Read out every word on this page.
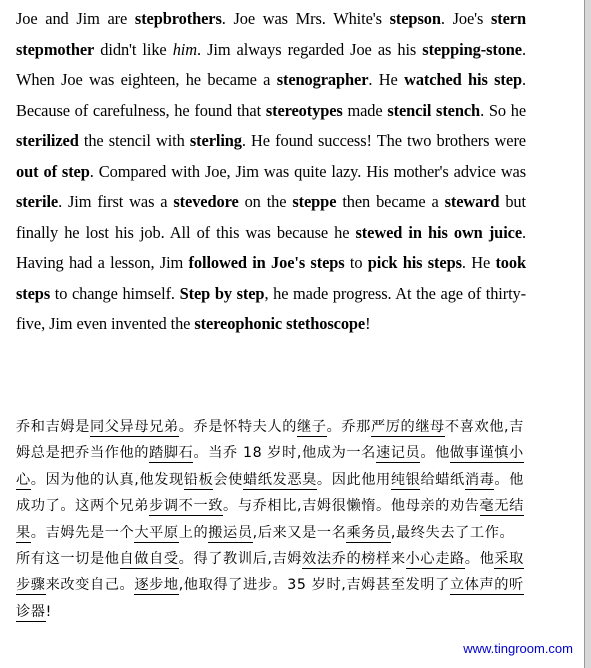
Joe and Jim are stepbrothers. Joe was Mrs. White's stepson. Joe's stern stepmother didn't like him. Jim always regarded Joe as his stepping-stone. When Joe was eighteen, he became a stenographer. He watched his step. Because of carefulness, he found that stereotypes made stencil stench. So he sterilized the stencil with sterling. He found success! The two brothers were out of step. Compared with Joe, Jim was quite lazy. His mother's advice was sterile. Jim first was a stevedore on the steppe then became a steward but finally he lost his job. All of this was because he stewed in his own juice. Having had a lesson, Jim followed in Joe's steps to pick his steps. He took steps to change himself. Step by step, he made progress. At the age of thirty-five, Jim even invented the stereophonic stethoscope!
乔和吉姆是同父异母兄弟。乔是怀特夫人的继子。乔那严厉的继母不喜欢他,吉姆总是把乔当作他的踏脚石。当乔 18 岁时,他成为一名速记员。他做事谨慎小心。因为他的认真,他发现铅板会使蜡纸发恶臭。因此他用纯银给蜡纸消毒。他成功了。这两个兄弟步调不一致。与乔相比,吉姆很懒惰。他母亲的劝告毫无结果。吉姆先是一个大平原上的搬运员,后来又是一名乘务员,最终失去了工作。所有这一切是他自做自受。得了教训后,吉姆效法乔的榜样来小心走路。他采取步骤来改变自己。逐步地,他取得了进步。35 岁时,吉姆甚至发明了立体声的听诊器!
www.tingroom.com
